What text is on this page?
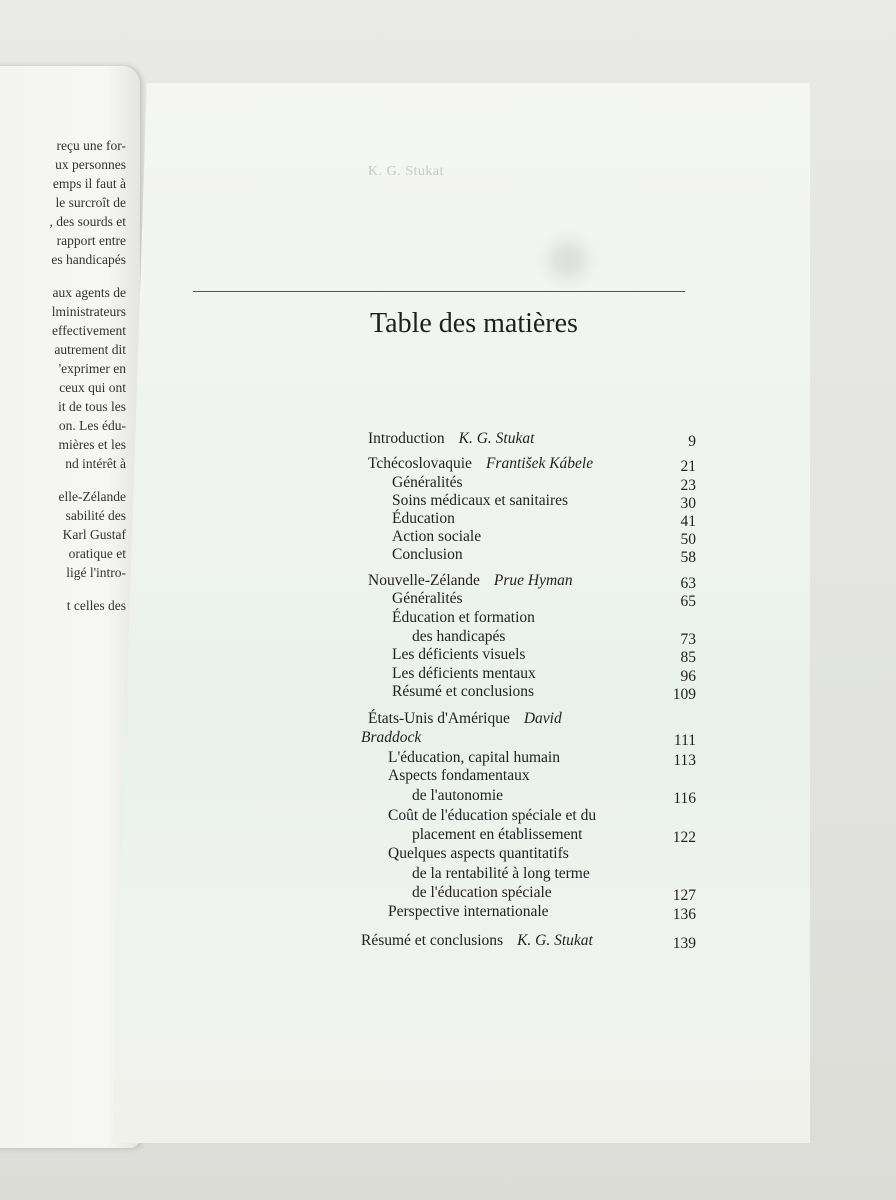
reçu une for-
ux personnes
emps il faut à
le surcroît de
, des sourds et
rapport entre
es handicapés
aux agents de
lministrateurs
effectivement
autrement dit
'exprimer en
ceux qui ont
it de tous les
on. Les édu-
mières et les
nd intérêt à
elle-Zélande
sabilité des
Karl Gustaf
oratique et
ligé l'intro-
t celles des
K. G. Stukat
Table des matières
Introduction K. G. Stukat	9
Tchécoslovaquie František Kábele	21
Généralités	23
Soins médicaux et sanitaires	30
Éducation	41
Action sociale	50
Conclusion	58
Nouvelle-Zélande Prue Hyman	63
Généralités	65
Éducation et formation
des handicapés	73
Les déficients visuels	85
Les déficients mentaux	96
Résumé et conclusions	109
États-Unis d'Amérique David
Braddock	111
L'éducation, capital humain	113
Aspects fondamentaux
de l'autonomie	116
Coût de l'éducation spéciale et du
placement en établissement	122
Quelques aspects quantitatifs
de la rentabilité à long terme
de l'éducation spéciale	127
Perspective internationale	136
Résumé et conclusions K. G. Stukat	139
